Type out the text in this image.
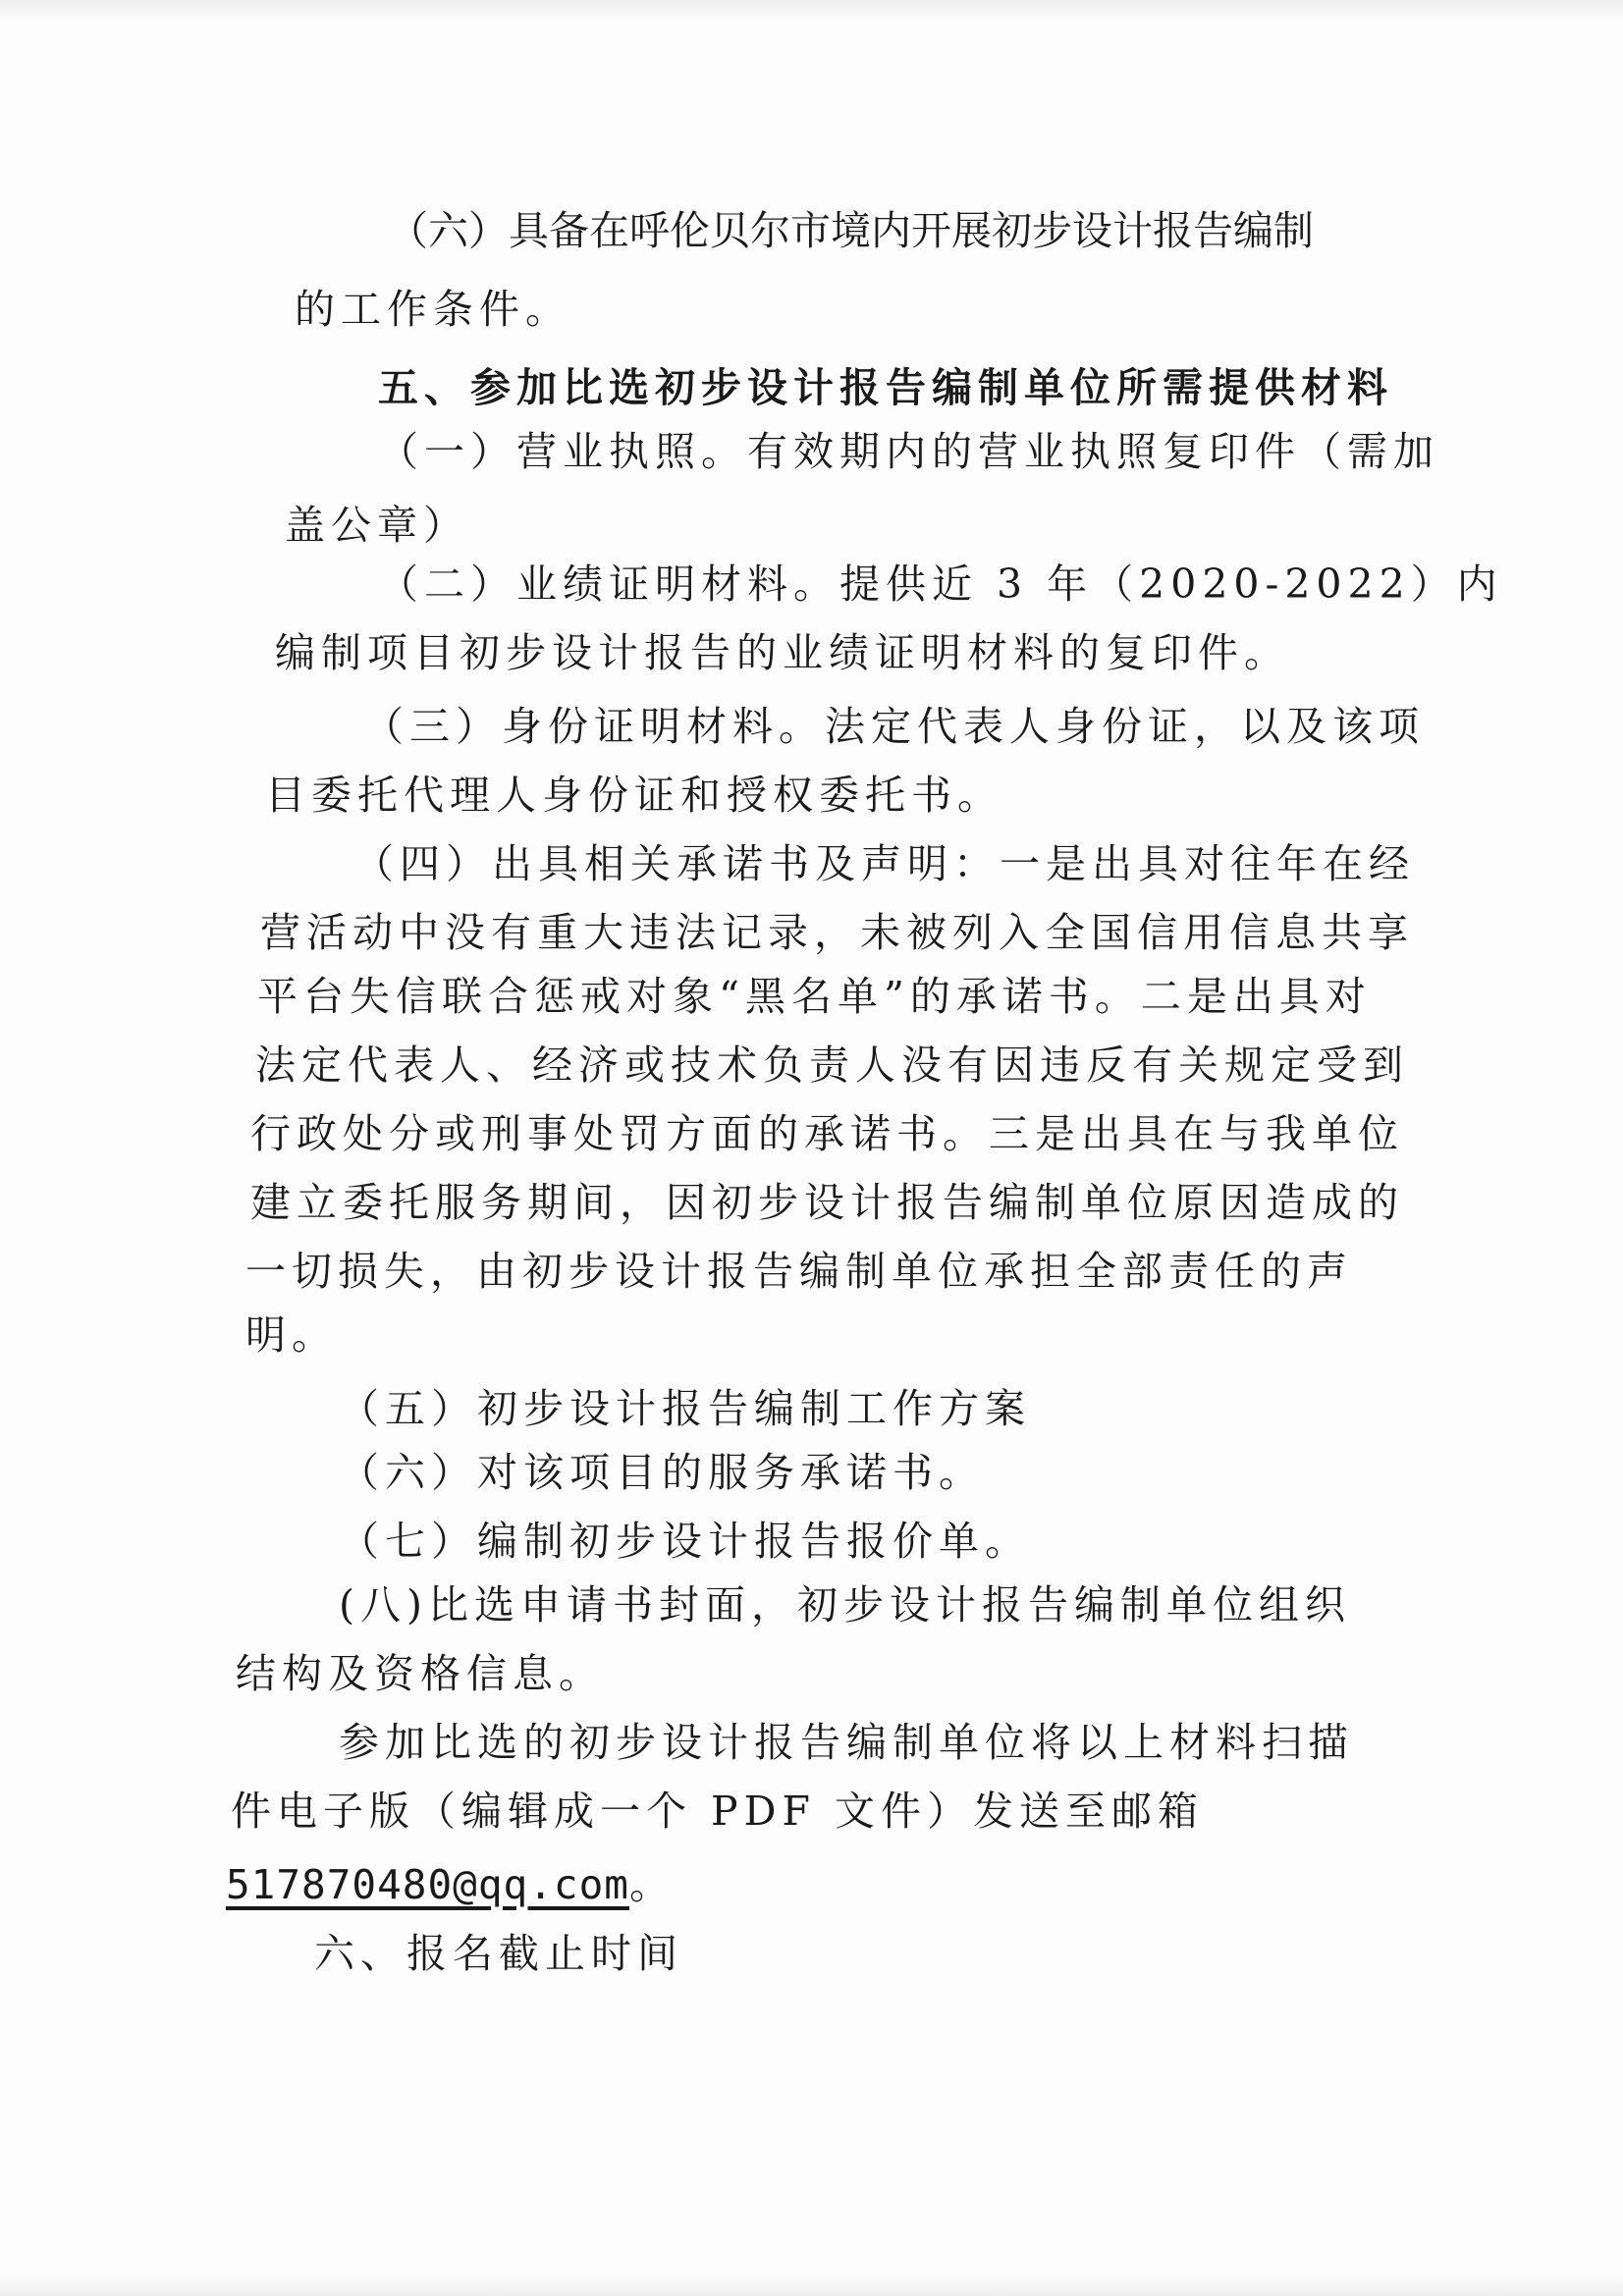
（六）具备在呼伦贝尔市境内开展初步设计报告编制
的工作条件。
五、参加比选初步设计报告编制单位所需提供材料
（一）营业执照。有效期内的营业执照复印件（需加
盖公章）
（二）业绩证明材料。提供近 3 年（2020-2022）内
编制项目初步设计报告的业绩证明材料的复印件。
（三）身份证明材料。法定代表人身份证，以及该项
目委托代理人身份证和授权委托书。
（四）出具相关承诺书及声明：一是出具对往年在经
营活动中没有重大违法记录，未被列入全国信用信息共享
平台失信联合惩戒对象“黑名单”的承诺书。二是出具对
法定代表人、经济或技术负责人没有因违反有关规定受到
行政处分或刑事处罚方面的承诺书。三是出具在与我单位
建立委托服务期间，因初步设计报告编制单位原因造成的
一切损失，由初步设计报告编制单位承担全部责任的声
明。
（五）初步设计报告编制工作方案
（六）对该项目的服务承诺书。
（七）编制初步设计报告报价单。
(八)比选申请书封面，初步设计报告编制单位组织
结构及资格信息。
参加比选的初步设计报告编制单位将以上材料扫描
件电子版（编辑成一个 PDF 文件）发送至邮箱
517870480@qq.com。
六、报名截止时间
